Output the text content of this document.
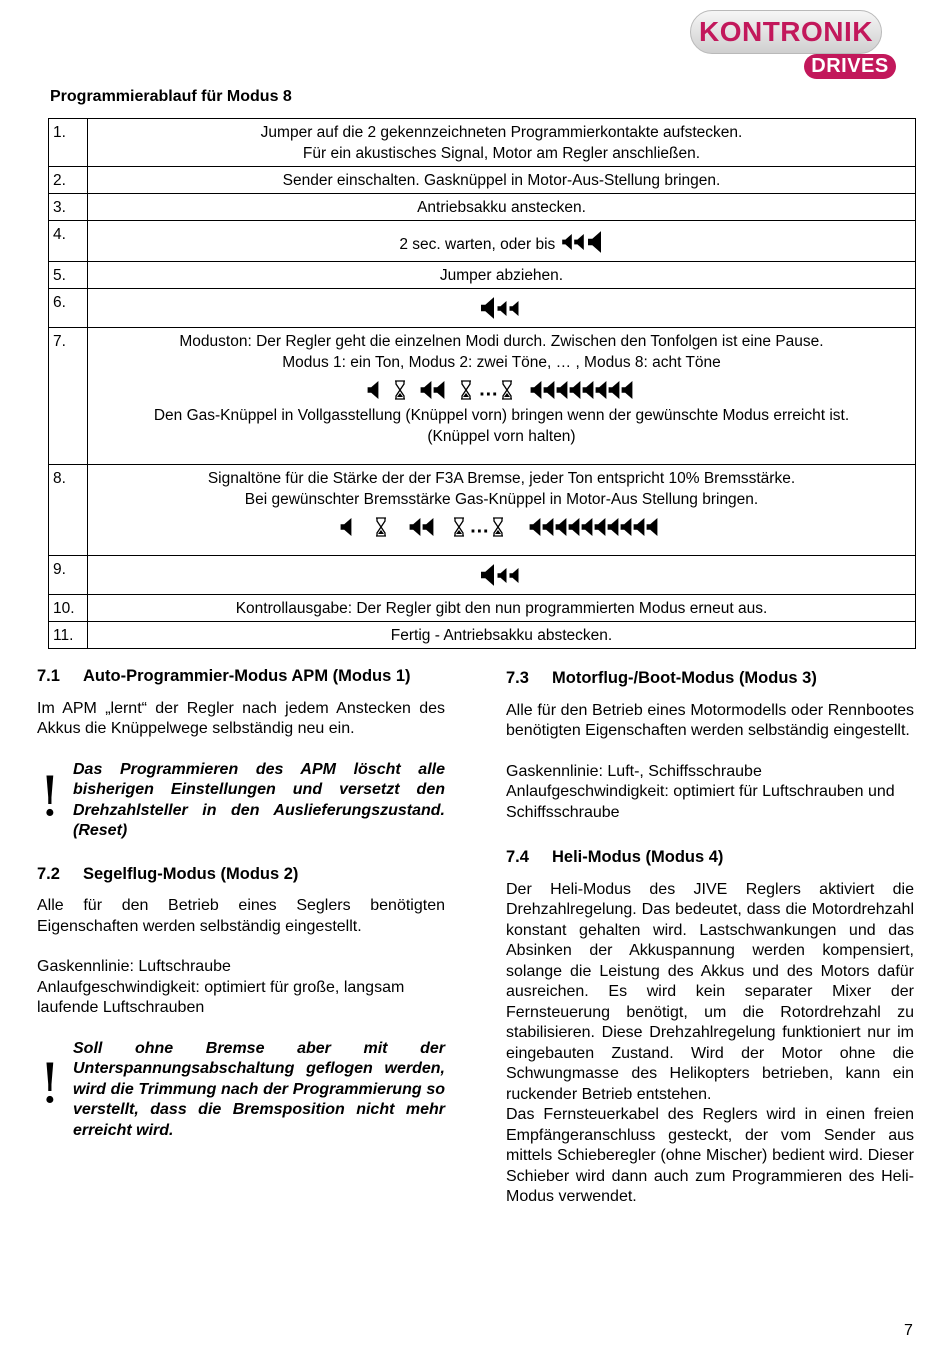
KONTRONIK
DRIVES
Programmierablauf für Modus 8
1.	Jumper auf die 2 gekennzeichneten Programmierkontakte aufstecken.
Für ein akustisches Signal, Motor am Regler anschließen.

2.	Sender einschalten. Gasknüppel in Motor-Aus-Stellung bringen.
3.	Antriebsakku anstecken.
4.	2 sec. warten, oder bis
5.	Jumper abziehen.
6.	
7.	Moduston: Der Regler geht die einzelnen Modi durch. Zwischen den Tonfolgen ist eine Pause.
Modus 1: ein Ton, Modus 2: zwei Töne, … , Modus 8: acht Töne
…
Den Gas-Knüppel in Vollgasstellung (Knüppel vorn) bringen wenn der gewünschte Modus erreicht ist.
(Knüppel vorn halten)

8.	Signaltöne für die Stärke der der F3A Bremse, jeder Ton entspricht 10% Bremsstärke.
Bei gewünschter Bremsstärke Gas-Knüppel in Motor-Aus Stellung bringen.
…

9.	
10.	Kontrollausgabe: Der Regler gibt den nun programmierten Modus erneut aus.
11.	Fertig - Antriebsakku abstecken.
7.1 Auto-Programmier-Modus APM (Modus 1)

Im APM „lernt“ der Regler nach jedem Anstecken des Akkus die Knüppelwege selbständig neu ein.

! Das Programmieren des APM löscht alle bisherigen Einstellungen und versetzt den Drehzahlsteller in den Auslieferungszustand. (Reset)
7.2 Segelflug-Modus (Modus 2)

Alle für den Betrieb eines Seglers benötigten Eigenschaften werden selbständig eingestellt.

Gaskennlinie: Luftschraube

Anlaufgeschwindigkeit: optimiert für große, langsam laufende Luftschrauben

!
Soll ohne Bremse aber mit der Unterspannungsabschaltung geflogen werden, wird die Trimmung nach der Programmierung so verstellt, dass die Bremsposition nicht mehr erreicht wird.
7.3 Motorflug-/Boot-Modus (Modus 3)

Alle für den Betrieb eines Motormodells oder Rennbootes benötigten Eigenschaften werden selbständig eingestellt.

Gaskennlinie: Luft-, Schiffsschraube

Anlaufgeschwindigkeit: optimiert für Luftschrauben und Schiffsschraube

7.4 Heli-Modus (Modus 4)

Der Heli-Modus des JIVE Reglers aktiviert die Drehzahlregelung. Das bedeutet, dass die Motordrehzahl konstant gehalten wird. Lastschwankungen und das Absinken der Akkuspannung werden kompensiert, solange die Leistung des Akkus und des Motors dafür ausreichen. Es wird kein separater Mixer der Fernsteuerung benötigt, um die Rotordrehzahl zu stabilisieren. Diese Drehzahlregelung funktioniert nur im eingebauten Zustand. Wird der Motor ohne die Schwungmasse des Helikopters betrieben, kann ein ruckender Betrieb entstehen.

Das Fernsteuerkabel des Reglers wird in einen freien Empfängeranschluss gesteckt, der vom Sender aus mittels Schieberegler (ohne Mischer) bedient wird. Dieser Schieber wird dann auch zum Programmieren des Heli-Modus verwendet.

7
